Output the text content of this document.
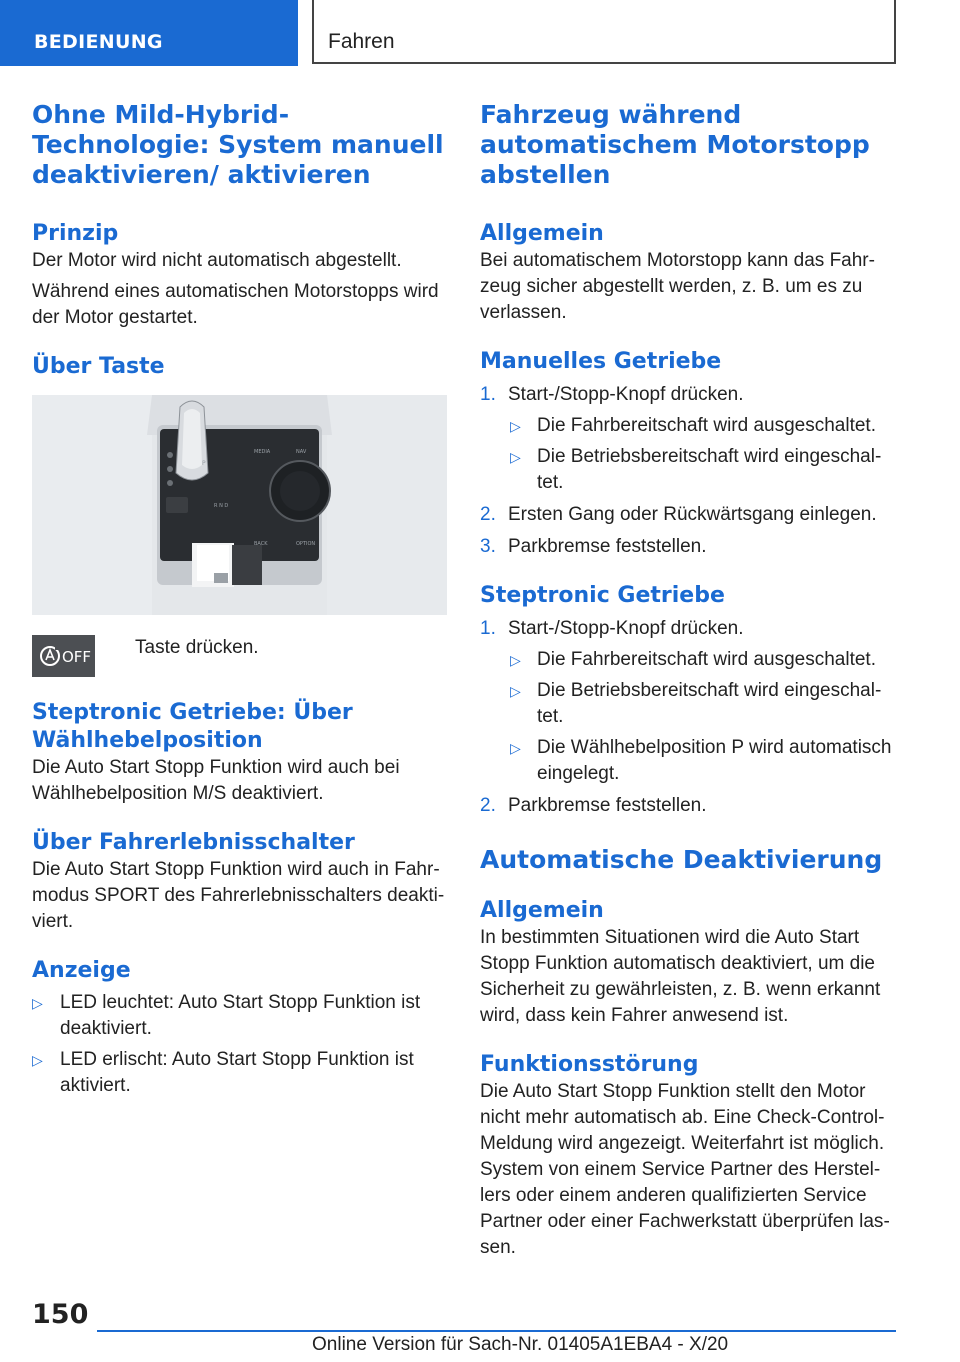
BEDIENUNG	Fahren
Ohne Mild-Hybrid-Technologie: System manuell deaktivieren/ aktivieren
Prinzip

Der Motor wird nicht automatisch abgestellt.

Während eines automatischen Motorstopps wird der Motor gestartet.

Über Taste
MEDIA	NAV
BACK	OPTION
P
R N D
OFF Taste drücken.

Steptronic Getriebe: Über Wählhebelposition

Die Auto Start Stopp Funktion wird auch bei Wählhebelposition M/S deaktiviert.

Über Fahrerlebnisschalter

Die Auto Start Stopp Funktion wird auch in Fahrmodus SPORT des Fahrerlebnisschalters deaktiviert.

Anzeige
▷ LED leuchtet: Auto Start Stopp Funktion ist deaktiviert.
▷ LED erlischt: Auto Start Stopp Funktion ist aktiviert.
Fahrzeug während automatischem Motorstopp abstellen
Allgemein

Bei automatischem Motorstopp kann das Fahrzeug sicher abgestellt werden, z. B. um es zu verlassen.

Manuelles Getriebe
1. Start-/Stopp-Knopf drücken.
▷ Die Fahrbereitschaft wird ausgeschaltet.
▷ Die Betriebsbereitschaft wird eingeschaltet.
2. Ersten Gang oder Rückwärtsgang einlegen.
3. Parkbremse feststellen.
Steptronic Getriebe
1. Start-/Stopp-Knopf drücken.
▷ Die Fahrbereitschaft wird ausgeschaltet.
▷ Die Betriebsbereitschaft wird eingeschaltet.
▷ Die Wählhebelposition P wird automatisch eingelegt.
2. Parkbremse feststellen.
Automatische Deaktivierung
Allgemein

In bestimmten Situationen wird die Auto Start Stopp Funktion automatisch deaktiviert, um die Sicherheit zu gewährleisten, z. B. wenn erkannt wird, dass kein Fahrer anwesend ist.

Funktionsstörung

Die Auto Start Stopp Funktion stellt den Motor nicht mehr automatisch ab. Eine Check-Control-Meldung wird angezeigt. Weiterfahrt ist möglich. System von einem Service Partner des Herstellers oder einem anderen qualifizierten Service Partner oder einer Fachwerkstatt überprüfen lassen.

150
Online Version für Sach-Nr. 01405A1EBA4 - X/20
